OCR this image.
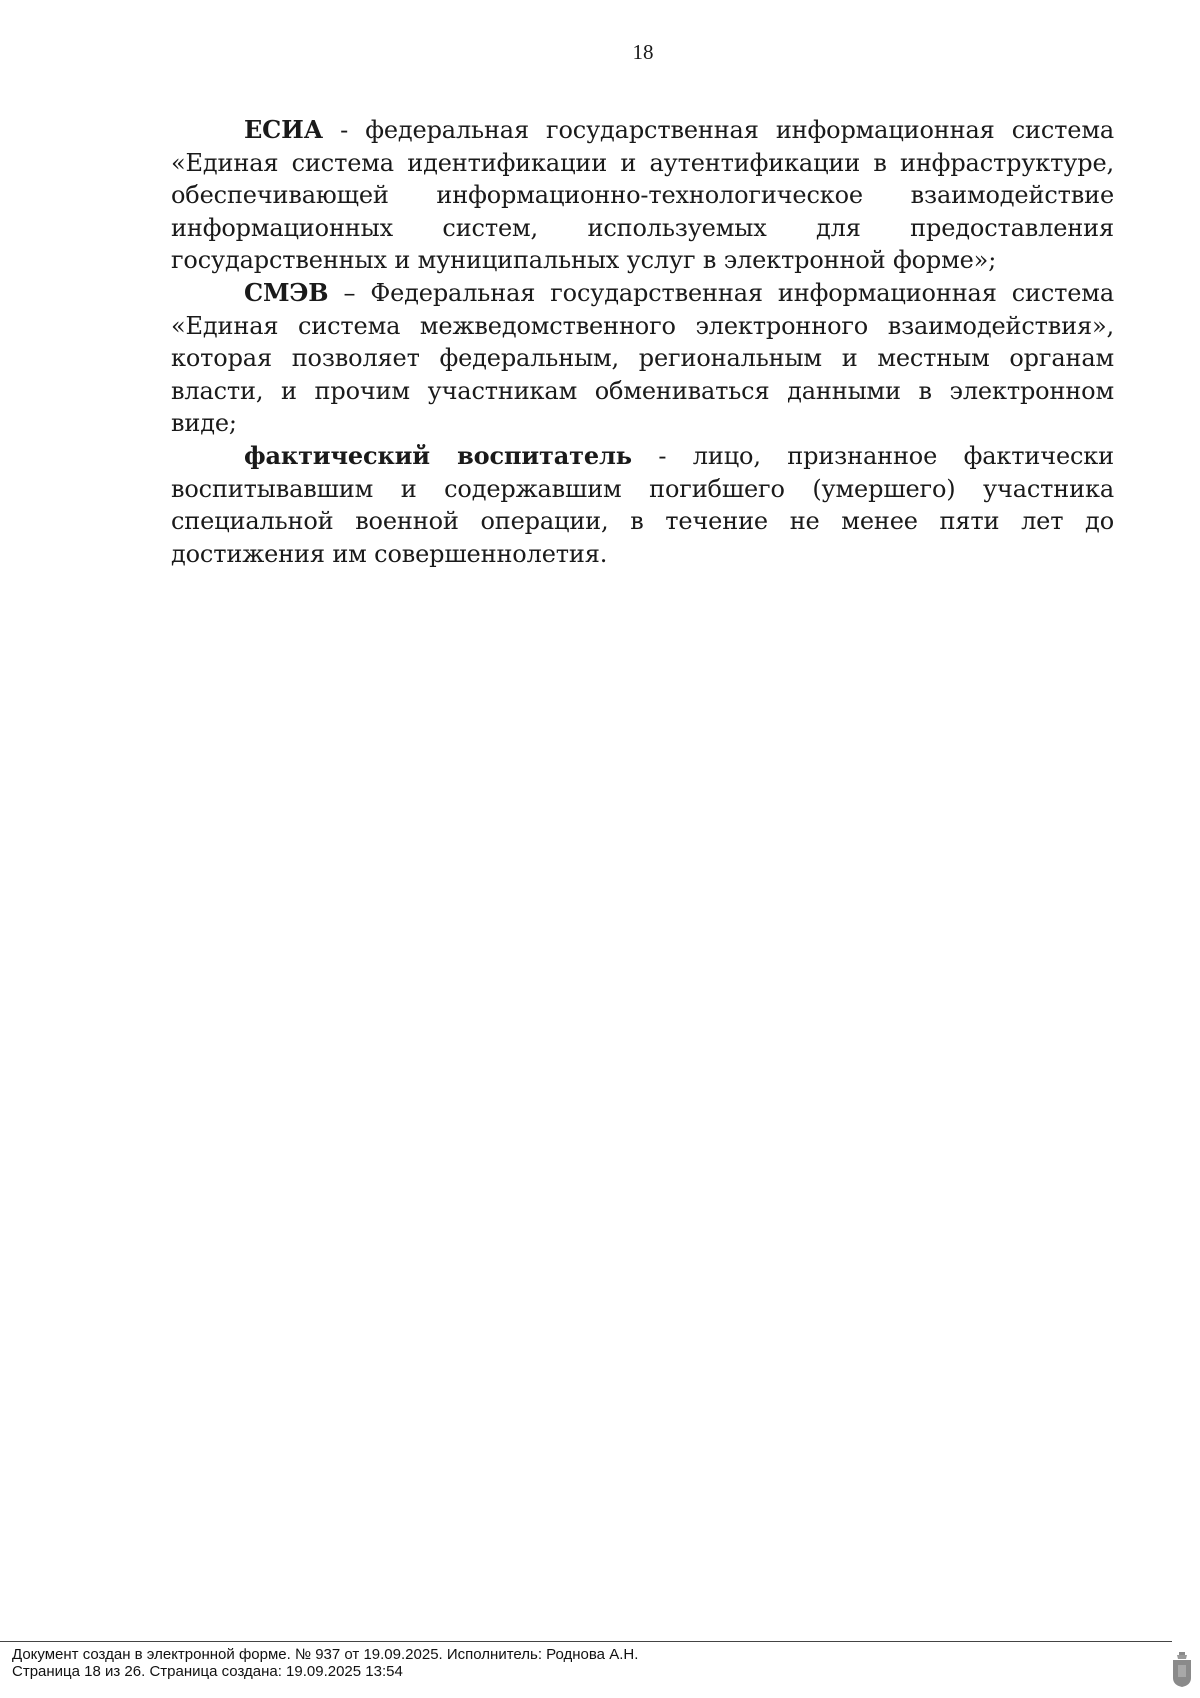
18

ЕСИА - федеральная государственная информационная система «Единая система идентификации и аутентификации в инфраструктуре, обеспечивающей информационно-технологическое взаимодействие информационных систем, используемых для предоставления государственных и муниципальных услуг в электронной форме»;

СМЭВ – Федеральная государственная информационная система «Единая система межведомственного электронного взаимодействия», которая позволяет федеральным, региональным и местным органам власти, и прочим участникам обмениваться данными в электронном виде;

фактический воспитатель - лицо, признанное фактически воспитывавшим и содержавшим погибшего (умершего) участника специальной военной операции, в течение не менее пяти лет до достижения им совершеннолетия.

Документ создан в электронной форме. № 937 от 19.09.2025. Исполнитель: Роднова А.Н.
Страница 18 из 26. Страница создана: 19.09.2025 13:54
